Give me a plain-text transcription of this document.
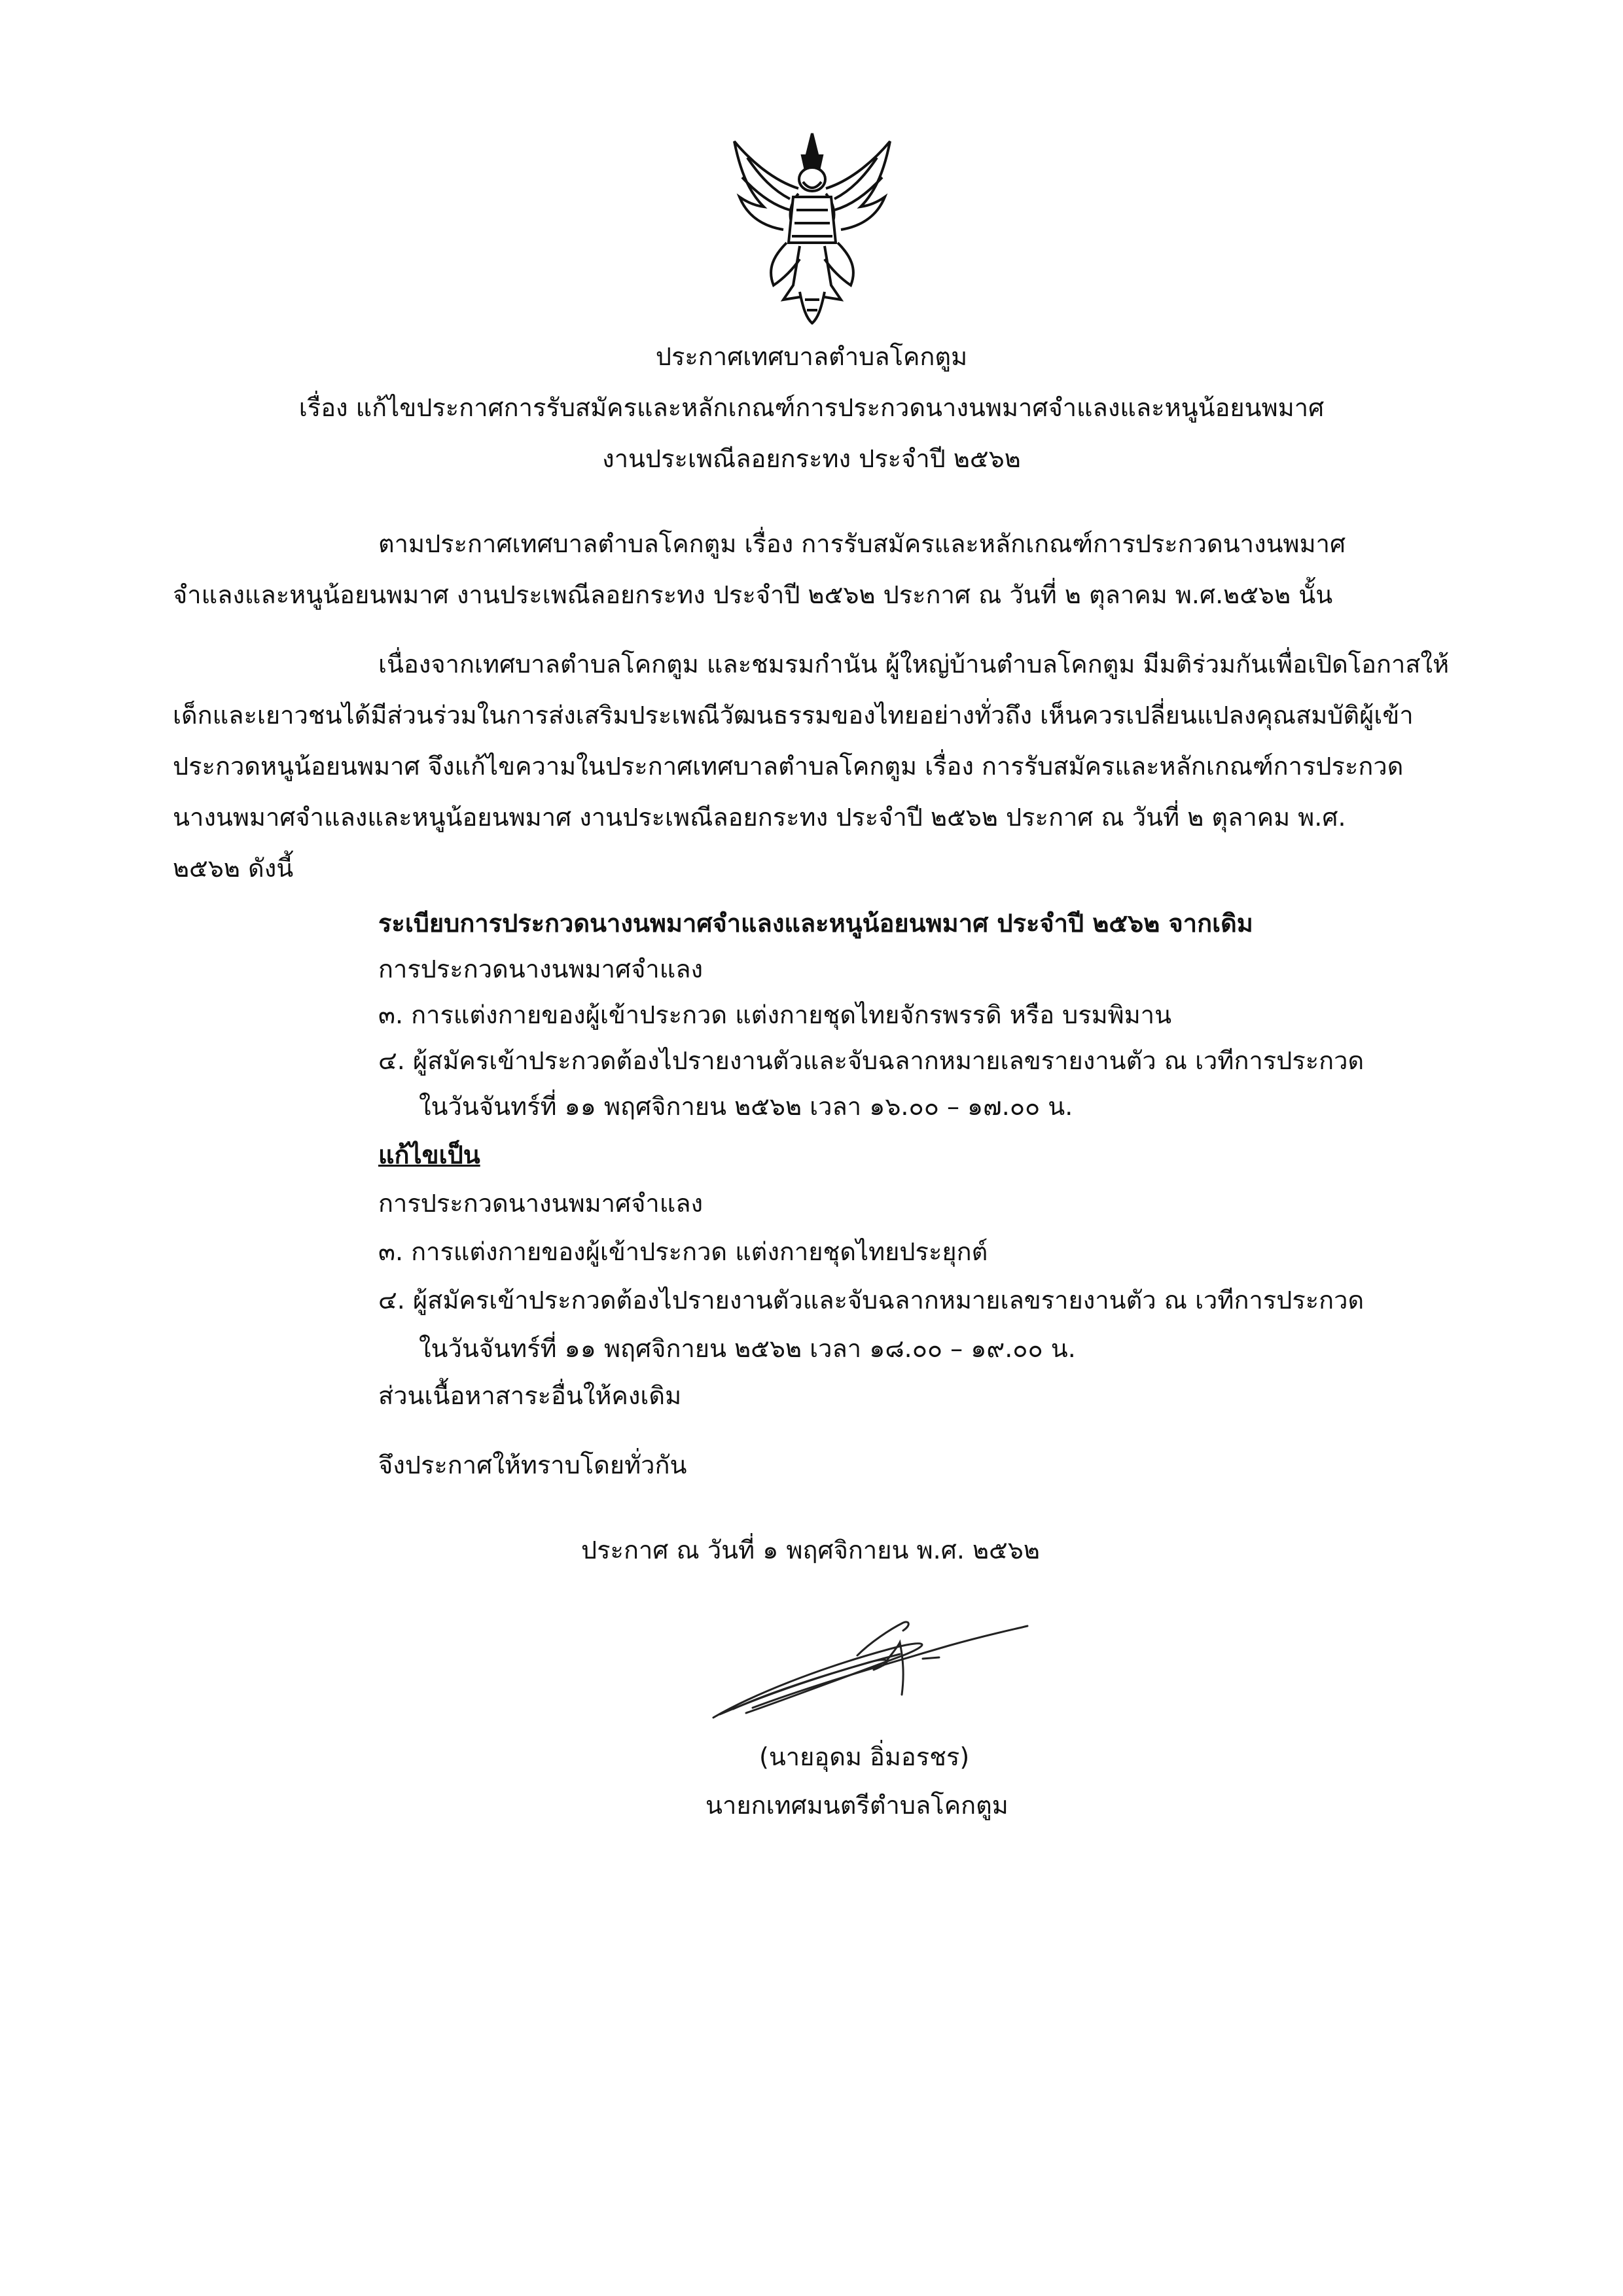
ประกาศเทศบาลตำบลโคกตูม
เรื่อง แก้ไขประกาศการรับสมัครและหลักเกณฑ์การประกวดนางนพมาศจำแลงและหนูน้อยนพมาศ
งานประเพณีลอยกระทง ประจำปี ๒๕๖๒
ตามประกาศเทศบาลตำบลโคกตูม เรื่อง การรับสมัครและหลักเกณฑ์การประกวดนางนพมาศ
จำแลงและหนูน้อยนพมาศ งานประเพณีลอยกระทง ประจำปี ๒๕๖๒ ประกาศ ณ วันที่ ๒ ตุลาคม พ.ศ.๒๕๖๒ นั้น
เนื่องจากเทศบาลตำบลโคกตูม และชมรมกำนัน ผู้ใหญ่บ้านตำบลโคกตูม มีมติร่วมกันเพื่อเปิดโอกาสให้
เด็กและเยาวชนได้มีส่วนร่วมในการส่งเสริมประเพณีวัฒนธรรมของไทยอย่างทั่วถึง เห็นควรเปลี่ยนแปลงคุณสมบัติผู้เข้า
ประกวดหนูน้อยนพมาศ จึงแก้ไขความในประกาศเทศบาลตำบลโคกตูม เรื่อง การรับสมัครและหลักเกณฑ์การประกวด
นางนพมาศจำแลงและหนูน้อยนพมาศ งานประเพณีลอยกระทง ประจำปี ๒๕๖๒ ประกาศ ณ วันที่ ๒ ตุลาคม พ.ศ.
๒๕๖๒ ดังนี้
ระเบียบการประกวดนางนพมาศจำแลงและหนูน้อยนพมาศ ประจำปี ๒๕๖๒ จากเดิม
การประกวดนางนพมาศจำแลง
๓. การแต่งกายของผู้เข้าประกวด แต่งกายชุดไทยจักรพรรดิ หรือ บรมพิมาน
๔. ผู้สมัครเข้าประกวดต้องไปรายงานตัวและจับฉลากหมายเลขรายงานตัว ณ เวทีการประกวด
ในวันจันทร์ที่ ๑๑ พฤศจิกายน ๒๕๖๒ เวลา ๑๖.๐๐ – ๑๗.๐๐ น.
แก้ไขเป็น
การประกวดนางนพมาศจำแลง
๓. การแต่งกายของผู้เข้าประกวด แต่งกายชุดไทยประยุกต์
๔. ผู้สมัครเข้าประกวดต้องไปรายงานตัวและจับฉลากหมายเลขรายงานตัว ณ เวทีการประกวด
ในวันจันทร์ที่ ๑๑ พฤศจิกายน ๒๕๖๒ เวลา ๑๘.๐๐ – ๑๙.๐๐ น.
ส่วนเนื้อหาสาระอื่นให้คงเดิม
จึงประกาศให้ทราบโดยทั่วกัน
ประกาศ ณ วันที่ ๑ พฤศจิกายน พ.ศ. ๒๕๖๒
(นายอุดม อิ่มอรชร)
นายกเทศมนตรีตำบลโคกตูม
